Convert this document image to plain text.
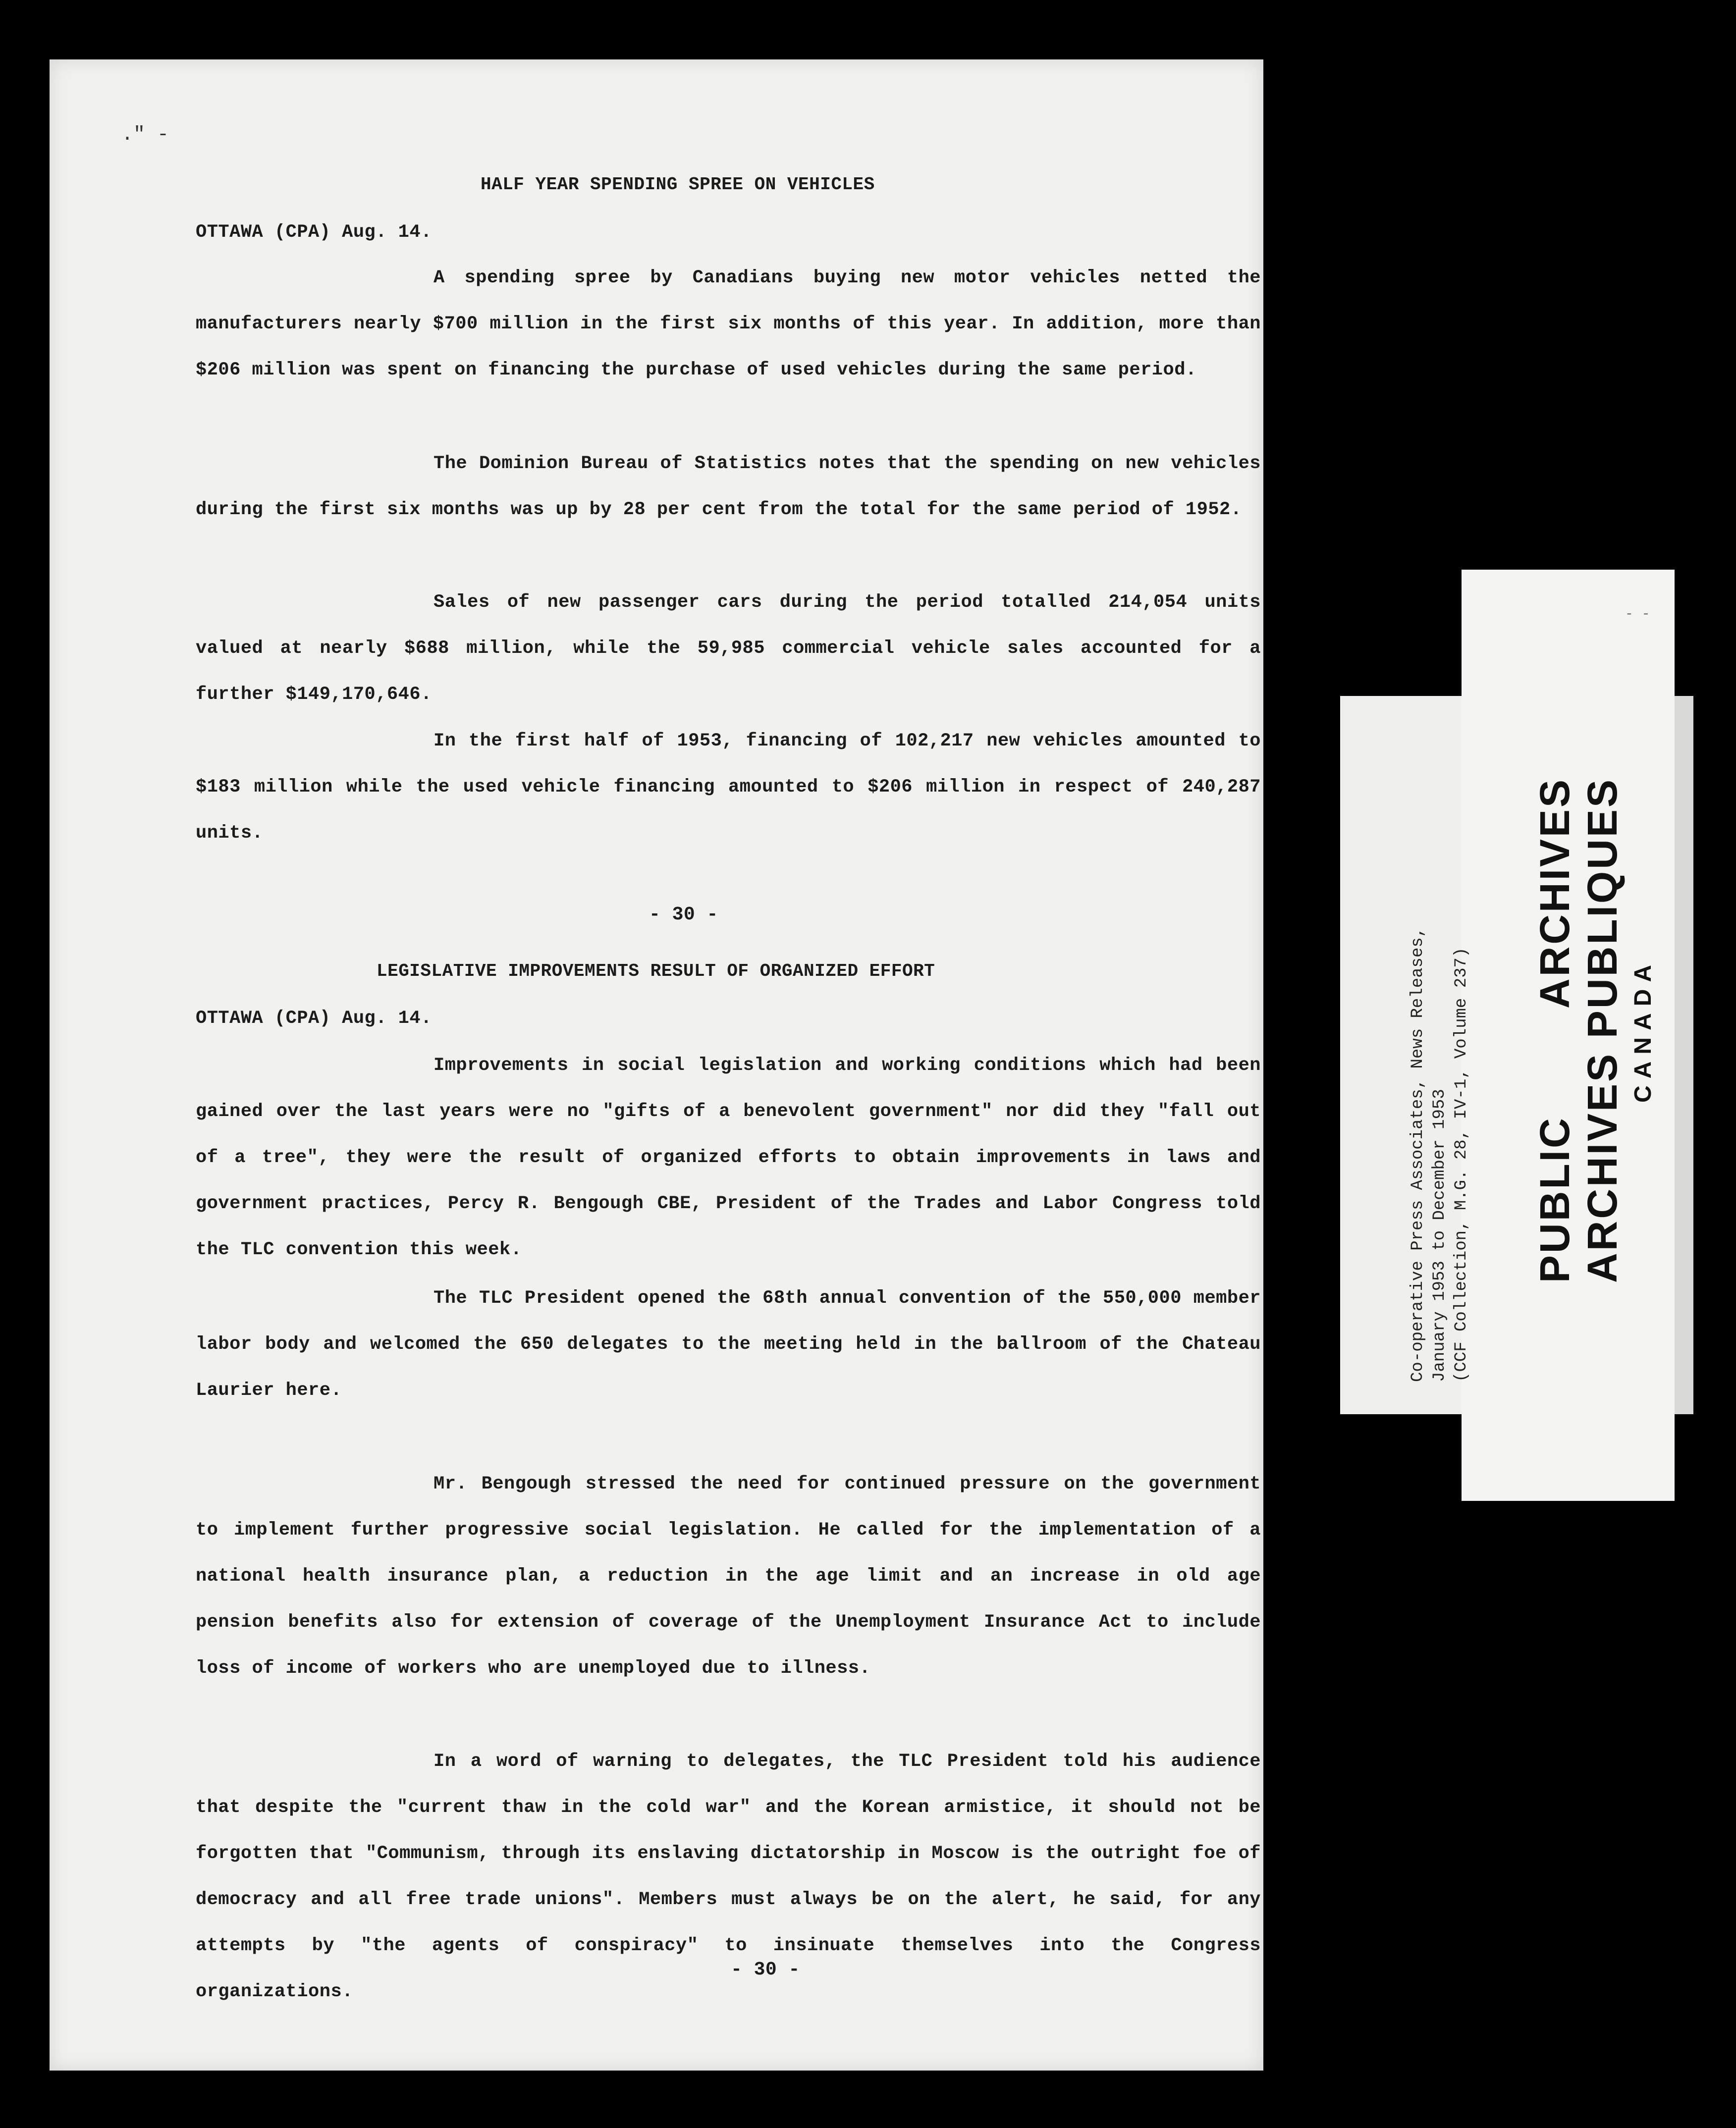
." -
HALF YEAR SPENDING SPREE ON VEHICLES
OTTAWA (CPA) Aug. 14.

A spending spree by Canadians buying new motor vehicles netted the manufacturers nearly $700 million in the first six months of this year. In addition, more than $206 million was spent on financing the purchase of used vehicles during the same period.

The Dominion Bureau of Statistics notes that the spending on new vehicles during the first six months was up by 28 per cent from the total for the same period of 1952.

Sales of new passenger cars during the period totalled 214,054 units valued at nearly $688 million, while the 59,985 commercial vehicle sales accounted for a further $149,170,646.

In the first half of 1953, financing of 102,217 new vehicles amounted to $183 million while the used vehicle financing amounted to $206 million in respect of 240,287 units.

- 30 -
LEGISLATIVE IMPROVEMENTS RESULT OF ORGANIZED EFFORT
OTTAWA (CPA) Aug. 14.

Improvements in social legislation and working conditions which had been gained over the last years were no "gifts of a benevolent government" nor did they "fall out of a tree", they were the result of organized efforts to obtain improvements in laws and government practices, Percy R. Bengough CBE, President of the Trades and Labor Congress told the TLC convention this week.

The TLC President opened the 68th annual convention of the 550,000 member labor body and welcomed the 650 delegates to the meeting held in the ballroom of the Chateau Laurier here.

Mr. Bengough stressed the need for continued pressure on the government to implement further progressive social legislation. He called for the implementation of a national health insurance plan, a reduction in the age limit and an increase in old age pension benefits also for extension of coverage of the Unemployment Insurance Act to include loss of income of workers who are unemployed due to illness.

In a word of warning to delegates, the TLC President told his audience that despite the "current thaw in the cold war" and the Korean armistice, it should not be forgotten that "Communism, through its enslaving dictatorship in Moscow is the outright foe of democracy and all free trade unions". Members must always be on the alert, he said, for any attempts by "the agents of conspiracy" to insinuate themselves into the Congress organizations.

- 30 -
- -
Co-operative Press Associates, News Releases, January 1953 to December 1953 (CCF Collection, M.G. 28, IV-1, Volume 237) PUBLIC
ARCHIVES
ARCHIVES
PUBLIQUES CANADA
